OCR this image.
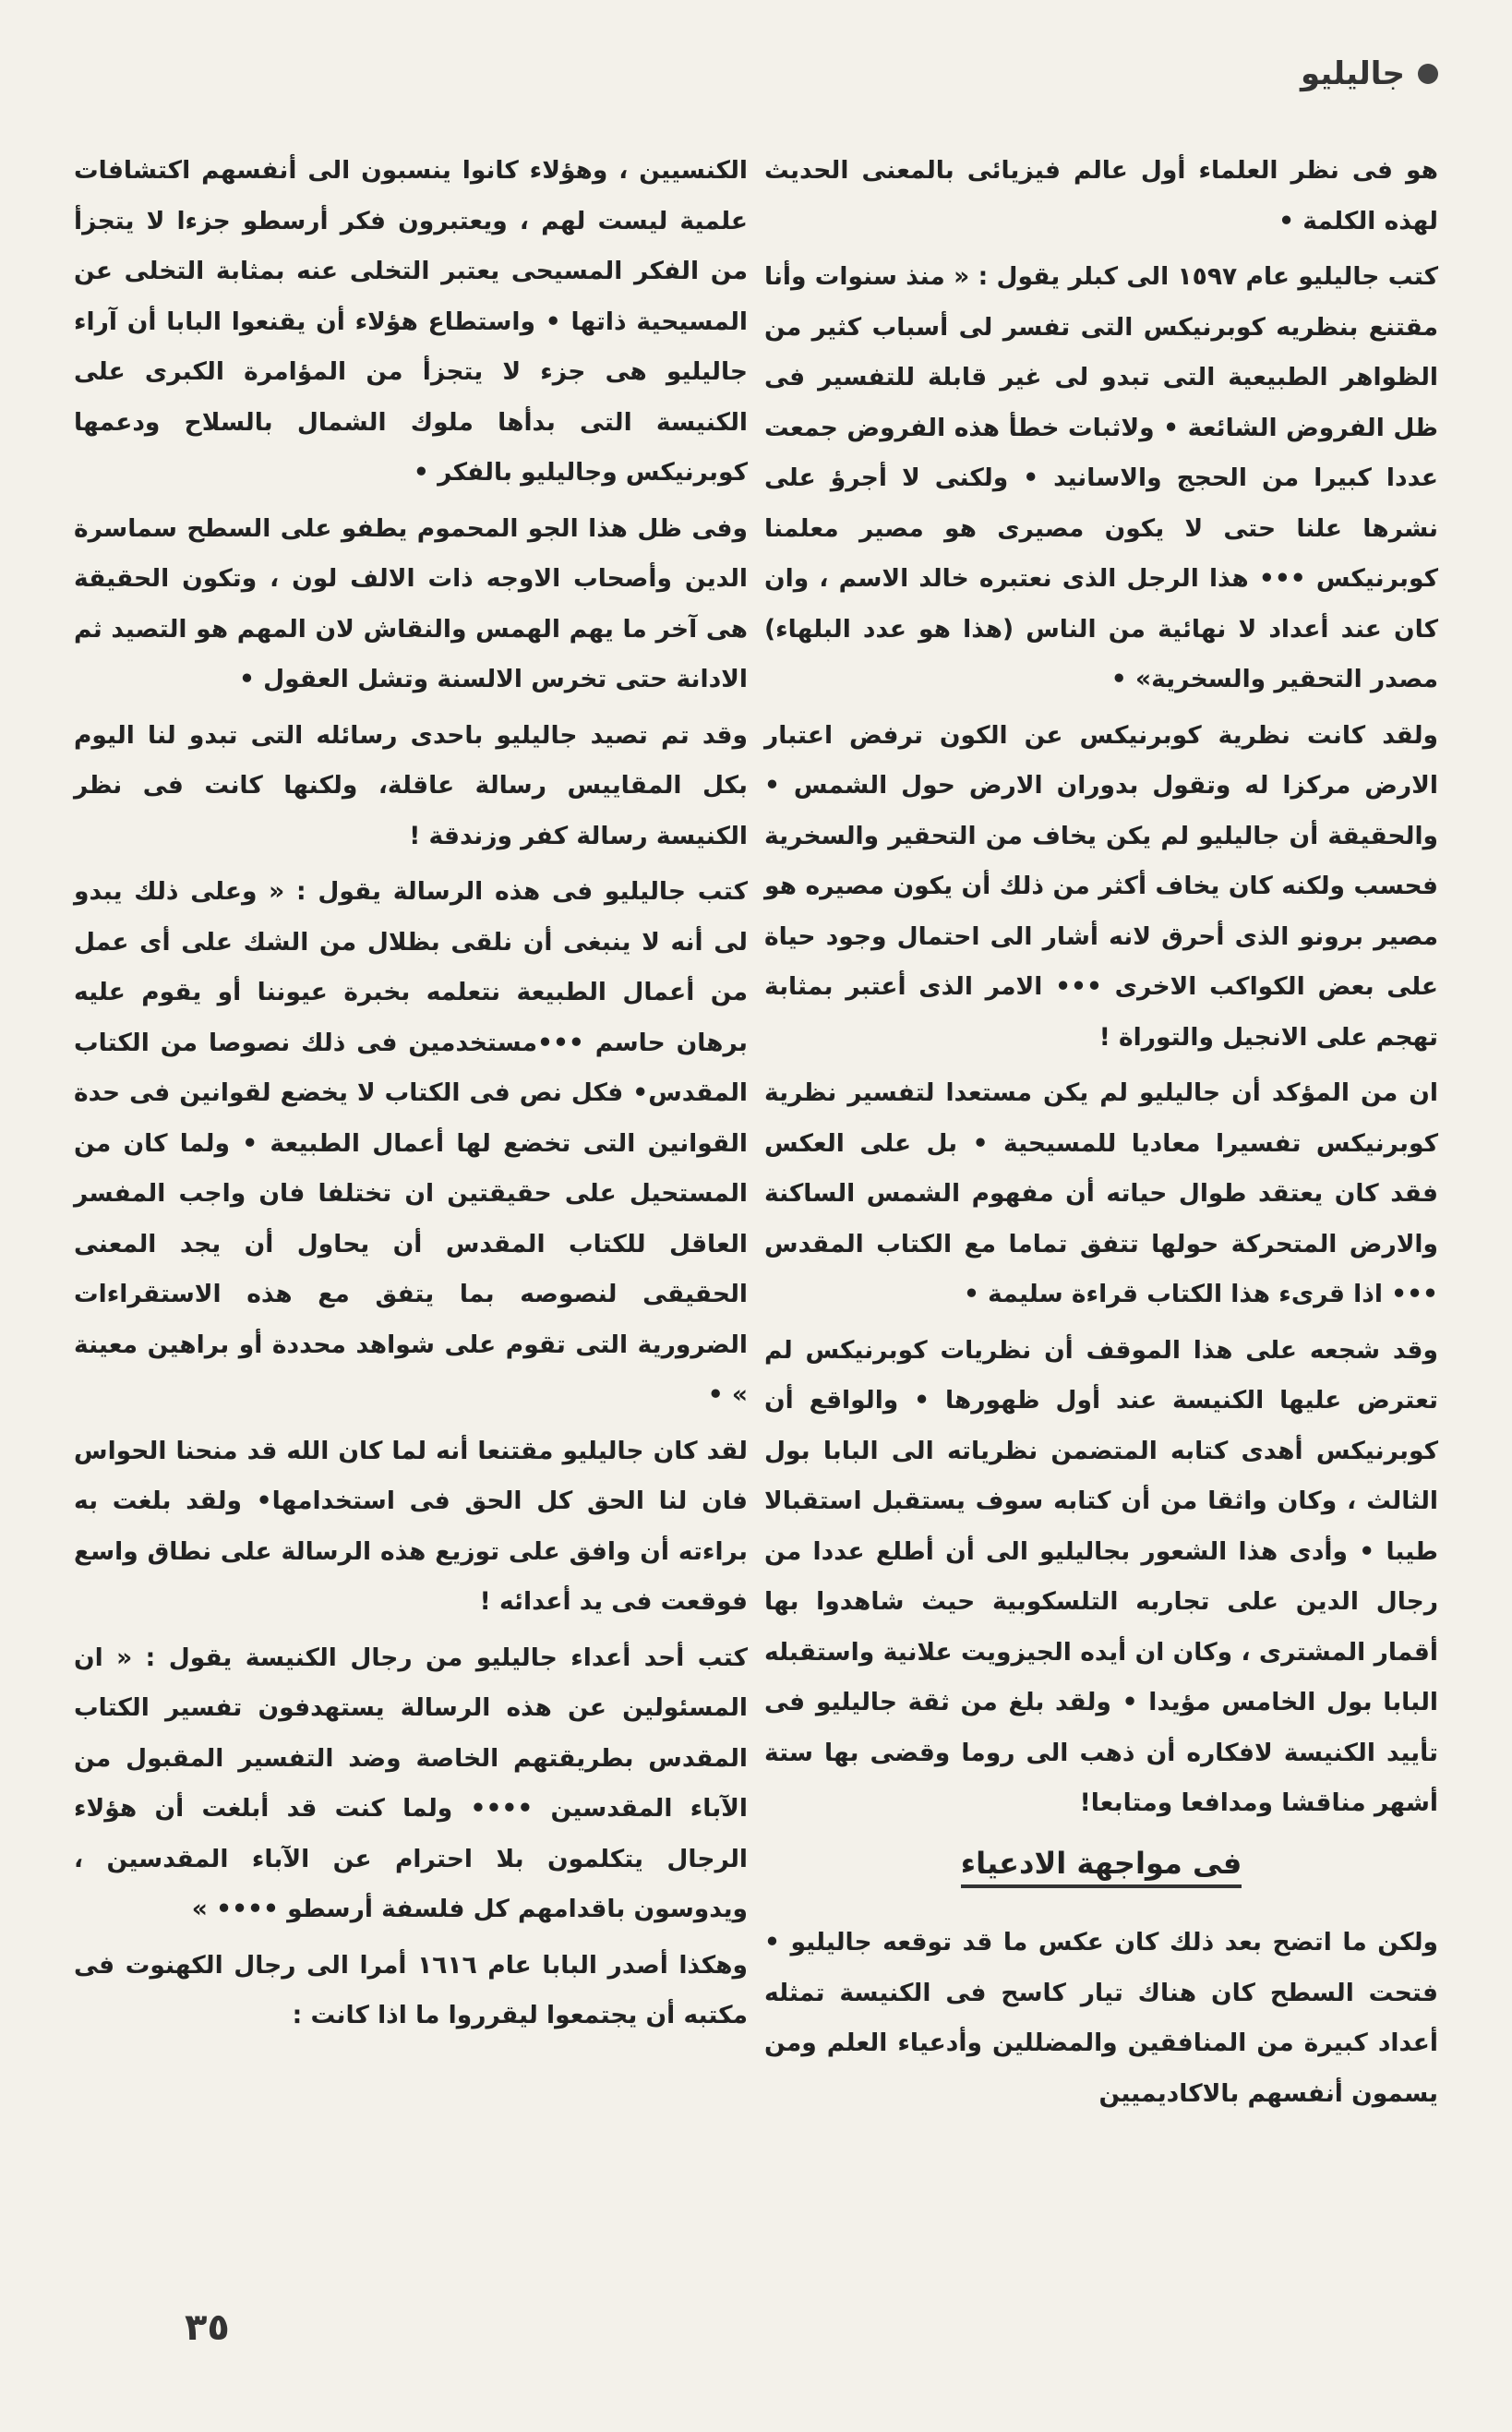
جاليليو

هو فى نظر العلماء أول عالم فيزيائى بالمعنى الحديث لهذه الكلمة •

كتب جاليليو عام ١٥٩٧ الى كبلر يقول : « منذ سنوات وأنا مقتنع بنظريه كوبرنيكس التى تفسر لى أسباب كثير من الظواهر الطبيعية التى تبدو لى غير قابلة للتفسير فى ظل الفروض الشائعة • ولاثبات خطأ هذه الفروض جمعت عددا كبيرا من الحجج والاسانيد • ولكنى لا أجرؤ على نشرها علنا حتى لا يكون مصيرى هو مصير معلمنا كوبرنيكس ••• هذا الرجل الذى نعتبره خالد الاسم ، وان كان عند أعداد لا نهائية من الناس (هذا هو عدد البلهاء) مصدر التحقير والسخرية» •

ولقد كانت نظرية كوبرنيكس عن الكون ترفض اعتبار الارض مركزا له وتقول بدوران الارض حول الشمس • والحقيقة أن جاليليو لم يكن يخاف من التحقير والسخرية فحسب ولكنه كان يخاف أكثر من ذلك أن يكون مصيره هو مصير برونو الذى أحرق لانه أشار الى احتمال وجود حياة على بعض الكواكب الاخرى ••• الامر الذى أعتبر بمثابة تهجم على الانجيل والتوراة !

ان من المؤكد أن جاليليو لم يكن مستعدا لتفسير نظرية كوبرنيكس تفسيرا معاديا للمسيحية • بل على العكس فقد كان يعتقد طوال حياته أن مفهوم الشمس الساكنة والارض المتحركة حولها تتفق تماما مع الكتاب المقدس ••• اذا قرىء هذا الكتاب قراءة سليمة •

وقد شجعه على هذا الموقف أن نظريات كوبرنيكس لم تعترض عليها الكنيسة عند أول ظهورها • والواقع أن كوبرنيكس أهدى كتابه المتضمن نظرياته الى البابا بول الثالث ، وكان واثقا من أن كتابه سوف يستقبل استقبالا طيبا • وأدى هذا الشعور بجاليليو الى أن أطلع عددا من رجال الدين على تجاربه التلسكوبية حيث شاهدوا بها أقمار المشترى ، وكان ان أيده الجيزويت علانية واستقبله البابا بول الخامس مؤيدا • ولقد بلغ من ثقة جاليليو فى تأييد الكنيسة لافكاره أن ذهب الى روما وقضى بها ستة أشهر مناقشا ومدافعا ومتابعا!

فى مواجهة الادعياء

ولكن ما اتضح بعد ذلك كان عكس ما قد توقعه جاليليو • فتحت السطح كان هناك تيار كاسح فى الكنيسة تمثله أعداد كبيرة من المنافقين والمضللين وأدعياء العلم ومن يسمون أنفسهم بالاكاديميين

الكنسيين ، وهؤلاء كانوا ينسبون الى أنفسهم اكتشافات علمية ليست لهم ، ويعتبرون فكر أرسطو جزءا لا يتجزأ من الفكر المسيحى يعتبر التخلى عنه بمثابة التخلى عن المسيحية ذاتها • واستطاع هؤلاء أن يقنعوا البابا أن آراء جاليليو هى جزء لا يتجزأ من المؤامرة الكبرى على الكنيسة التى بدأها ملوك الشمال بالسلاح ودعمها كوبرنيكس وجاليليو بالفكر •

وفى ظل هذا الجو المحموم يطفو على السطح سماسرة الدين وأصحاب الاوجه ذات الالف لون ، وتكون الحقيقة هى آخر ما يهم الهمس والنقاش لان المهم هو التصيد ثم الادانة حتى تخرس الالسنة وتشل العقول •

وقد تم تصيد جاليليو باحدى رسائله التى تبدو لنا اليوم بكل المقاييس رسالة عاقلة، ولكنها كانت فى نظر الكنيسة رسالة كفر وزندقة !

كتب جاليليو فى هذه الرسالة يقول : « وعلى ذلك يبدو لى أنه لا ينبغى أن نلقى بظلال من الشك على أى عمل من أعمال الطبيعة نتعلمه بخبرة عيوننا أو يقوم عليه برهان حاسم •••مستخدمين فى ذلك نصوصا من الكتاب المقدس• فكل نص فى الكتاب لا يخضع لقوانين فى حدة القوانين التى تخضع لها أعمال الطبيعة • ولما كان من المستحيل على حقيقتين ان تختلفا فان واجب المفسر العاقل للكتاب المقدس أن يحاول أن يجد المعنى الحقيقى لنصوصه بما يتفق مع هذه الاستقراءات الضرورية التى تقوم على شواهد محددة أو براهين معينة » •

لقد كان جاليليو مقتنعا أنه لما كان الله قد منحنا الحواس فان لنا الحق كل الحق فى استخدامها• ولقد بلغت به براءته أن وافق على توزيع هذه الرسالة على نطاق واسع فوقعت فى يد أعدائه !

كتب أحد أعداء جاليليو من رجال الكنيسة يقول : « ان المسئولين عن هذه الرسالة يستهدفون تفسير الكتاب المقدس بطريقتهم الخاصة وضد التفسير المقبول من الآباء المقدسين •••• ولما كنت قد أبلغت أن هؤلاء الرجال يتكلمون بلا احترام عن الآباء المقدسين ، ويدوسون باقدامهم كل فلسفة أرسطو •••• »

وهكذا أصدر البابا عام ١٦١٦ أمرا الى رجال الكهنوت فى مكتبه أن يجتمعوا ليقرروا ما اذا كانت :

٣٥
